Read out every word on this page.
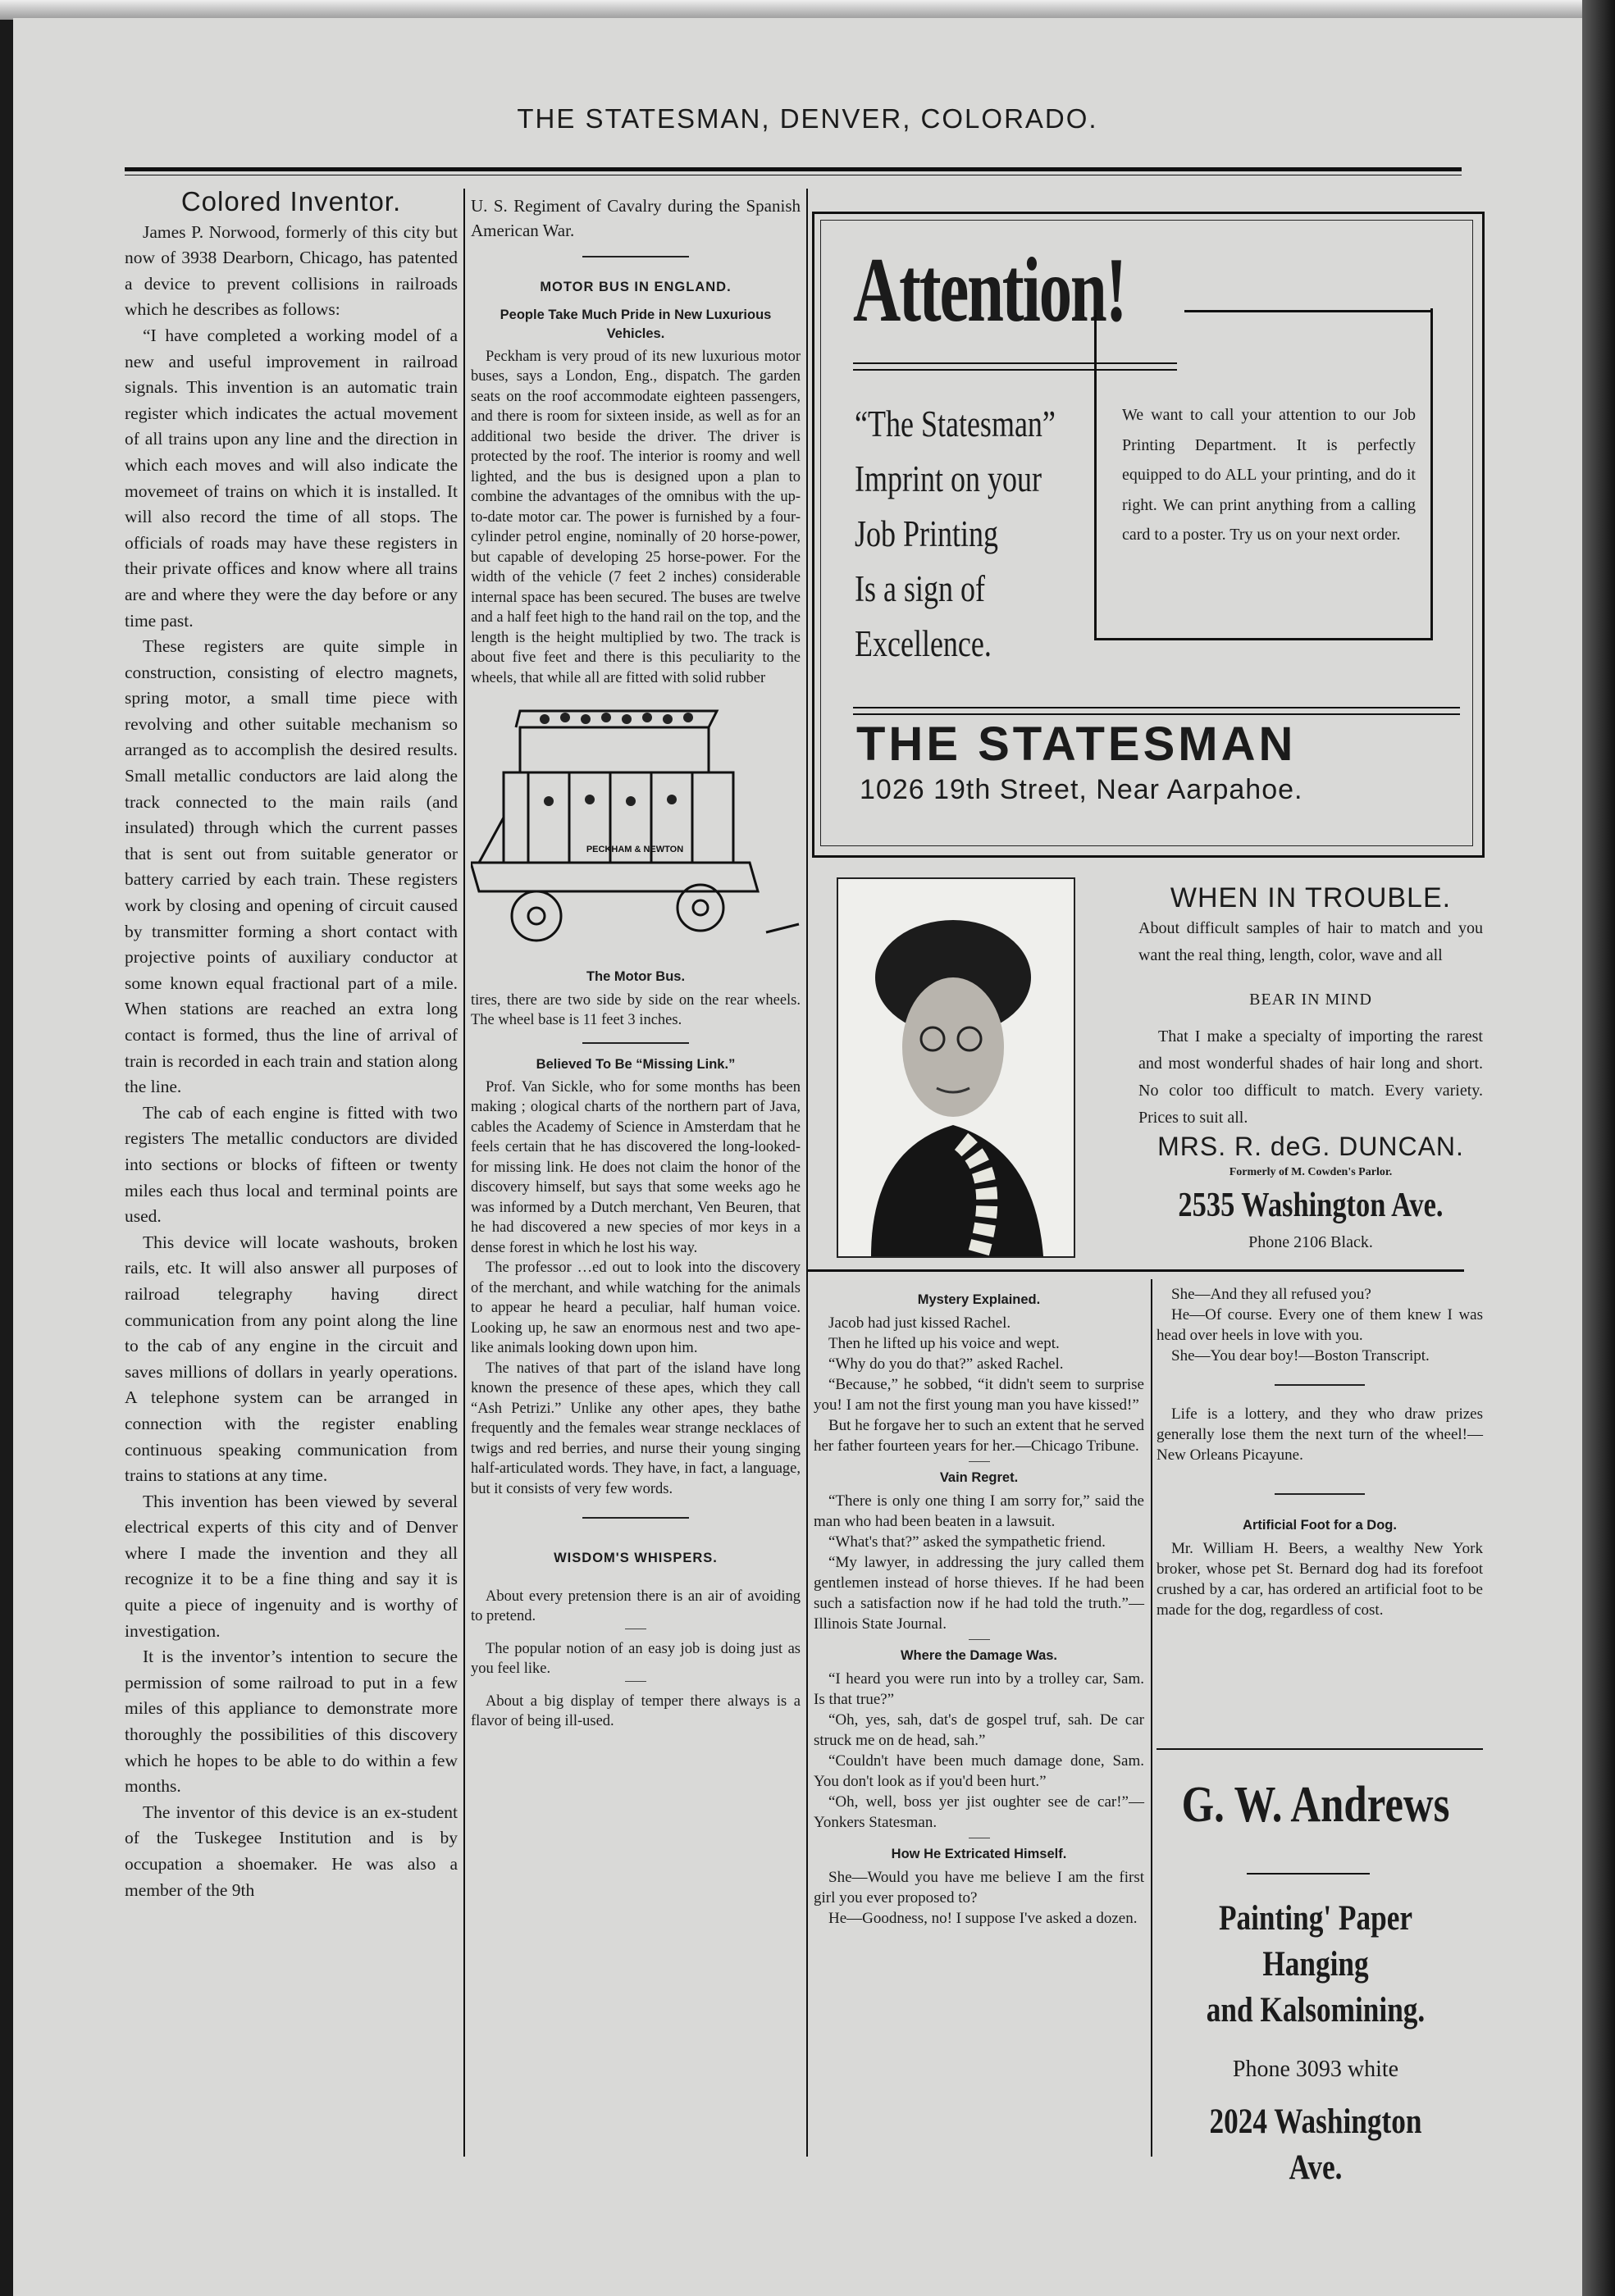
THE STATESMAN, DENVER, COLORADO.
Colored Inventor.

James P. Norwood, formerly of this city but now of 3938 Dearborn, Chicago, has patented a device to prevent collisions in railroads which he describes as follows:

“I have completed a working model of a new and useful improvement in railroad signals. This invention is an automatic train register which indicates the actual movement of all trains upon any line and the direction in which each moves and will also indicate the movemeet of trains on which it is installed. It will also record the time of all stops. The officials of roads may have these registers in their private offices and know where all trains are and where they were the day before or any time past.

These registers are quite simple in construction, consisting of electro magnets, spring motor, a small time piece with revolving and other suitable mechanism so arranged as to accomplish the desired results. Small metallic conductors are laid along the track connected to the main rails (and insulated) through which the current passes that is sent out from suitable generator or battery carried by each train. These registers work by closing and opening of circuit caused by transmitter forming a short contact with projective points of auxiliary conductor at some known equal fractional part of a mile. When stations are reached an extra long contact is formed, thus the line of arrival of train is recorded in each train and station along the line.

The cab of each engine is fitted with two registers The metallic conductors are divided into sections or blocks of fifteen or twenty miles each thus local and terminal points are used.

This device will locate washouts, broken rails, etc. It will also answer all purposes of railroad telegraphy having direct communication from any point along the line to the cab of any engine in the circuit and saves millions of dollars in yearly operations. A telephone system can be arranged in connection with the register enabling continuous speaking communication from trains to stations at any time.

This invention has been viewed by several electrical experts of this city and of Denver where I made the invention and they all recognize it to be a fine thing and say it is quite a piece of ingenuity and is worthy of investigation.

It is the inventor’s intention to secure the permission of some railroad to put in a few miles of this appliance to demonstrate more thoroughly the possibilities of this discovery which he hopes to be able to do within a few months.

The inventor of this device is an ex-student of the Tuskegee Institution and is by occupation a shoemaker. He was also a member of the 9th

U. S. Regiment of Cavalry during the Spanish American War.

MOTOR BUS IN ENGLAND.
People Take Much Pride in New Luxurious Vehicles.

Peckham is very proud of its new luxurious motor buses, says a London, Eng., dispatch. The garden seats on the roof accommodate eighteen passengers, and there is room for sixteen inside, as well as for an additional two beside the driver. The driver is protected by the roof. The interior is roomy and well lighted, and the bus is designed upon a plan to combine the advantages of the omnibus with the up-to-date motor car. The power is furnished by a four-cylinder petrol engine, nominally of 20 horse-power, but capable of developing 25 horse-power. For the width of the vehicle (7 feet 2 inches) considerable internal space has been secured. The buses are twelve and a half feet high to the hand rail on the top, and the length is the height multiplied by two. The track is about five feet and there is this peculiarity to the wheels, that while all are fitted with solid rubber

PECKHAM & NEWTON
The Motor Bus.

tires, there are two side by side on the rear wheels. The wheel base is 11 feet 3 inches.

Believed To Be “Missing Link.”

Prof. Van Sickle, who for some months has been making ; ological charts of the northern part of Java, cables the Academy of Science in Amsterdam that he feels certain that he has discovered the long-looked-for missing link. He does not claim the honor of the discovery himself, but says that some weeks ago he was informed by a Dutch merchant, Ven Beuren, that he had discovered a new species of mor keys in a dense forest in which he lost his way.

The professor …ed out to look into the discovery of the merchant, and while watching for the animals to appear he heard a peculiar, half human voice. Looking up, he saw an enormous nest and two ape-like animals looking down upon him.

The natives of that part of the island have long known the presence of these apes, which they call “Ash Petrizi.” Unlike any other apes, they bathe frequently and the females wear strange necklaces of twigs and red berries, and nurse their young singing half-articulated words. They have, in fact, a language, but it consists of very few words.

WISDOM'S WHISPERS.

About every pretension there is an air of avoiding to pretend.

The popular notion of an easy job is doing just as you feel like.

About a big display of temper there always is a flavor of being ill-used.

Attention!
“The Statesman”
Imprint on your
Job Printing
Is a sign of
Excellence.
We want to call your attention to our Job Printing Department. It is perfectly equipped to do ALL your printing, and do it right. We can print anything from a calling card to a poster. Try us on your next order.
THE STATESMAN
1026 19th Street, Near Aarpahoe.
WHEN IN TROUBLE.
About difficult samples of hair to match and you want the real thing, length, color, wave and all
BEAR IN MIND
That I make a specialty of importing the rarest and most wonderful shades of hair long and short. No color too difficult to match. Every variety. Prices to suit all.
MRS. R. deG. DUNCAN.
Formerly of M. Cowden's Parlor.
2535 Washington Ave.
Phone 2106 Black.
Mystery Explained.

Jacob had just kissed Rachel.

Then he lifted up his voice and wept.

“Why do you do that?” asked Rachel.

“Because,” he sobbed, “it didn't seem to surprise you! I am not the first young man you have kissed!”

But he forgave her to such an extent that he served her father fourteen years for her.—Chicago Tribune.

Vain Regret.

“There is only one thing I am sorry for,” said the man who had been beaten in a lawsuit.

“What's that?” asked the sympathetic friend.

“My lawyer, in addressing the jury called them gentlemen instead of horse thieves. If he had been such a satisfaction now if he had told the truth.”—Illinois State Journal.

Where the Damage Was.

“I heard you were run into by a trolley car, Sam. Is that true?”

“Oh, yes, sah, dat's de gospel truf, sah. De car struck me on de head, sah.”

“Couldn't have been much damage done, Sam. You don't look as if you'd been hurt.”

“Oh, well, boss yer jist oughter see de car!”—Yonkers Statesman.

How He Extricated Himself.

She—Would you have me believe I am the first girl you ever proposed to?

He—Goodness, no! I suppose I've asked a dozen.

She—And they all refused you?

He—Of course. Every one of them knew I was head over heels in love with you.

She—You dear boy!—Boston Transcript.

Life is a lottery, and they who draw prizes generally lose them the next turn of the wheel!—New Orleans Picayune.

Artificial Foot for a Dog.

Mr. William H. Beers, a wealthy New York broker, whose pet St. Bernard dog had its forefoot crushed by a car, has ordered an artificial foot to be made for the dog, regardless of cost.

G. W. Andrews
Painting' Paper Hanging
and Kalsomining.
Phone 3093 white
2024 Washington Ave.
